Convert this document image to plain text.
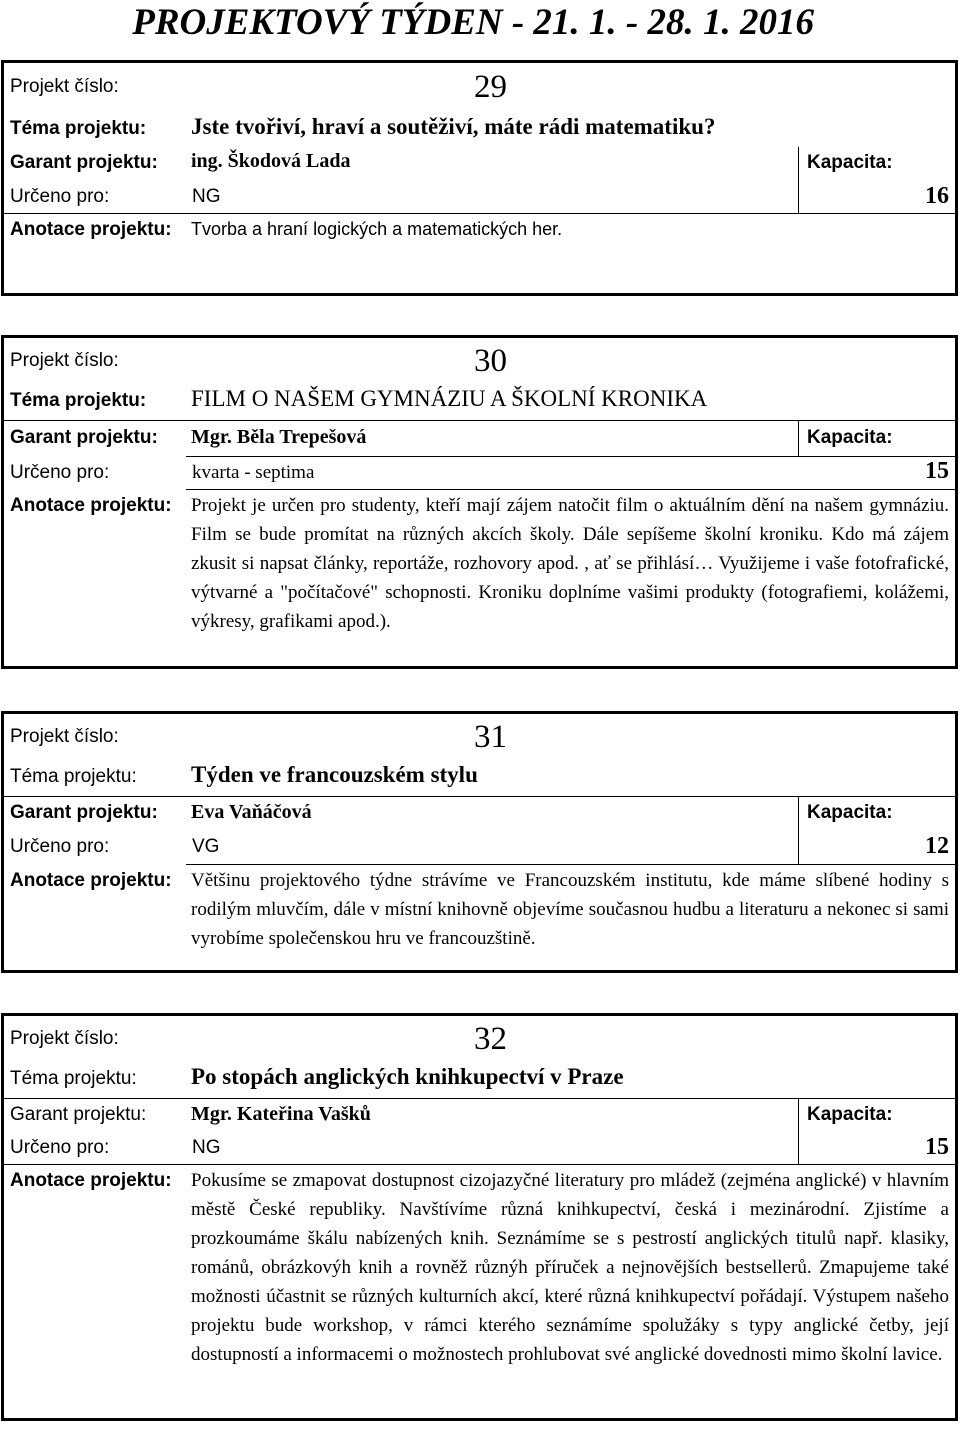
PROJEKTOVÝ TÝDEN - 21. 1. - 28. 1. 2016
Projekt číslo:	29
Téma projektu: Jste tvořiví, hraví a soutěživí, máte rádi matematiku?
Garant projektu: ing. Škodová Lada	Kapacita:
Určeno pro:	NG	16
Anotace projektu: Tvorba a hraní logických a matematických her.
Projekt číslo:	30
Téma projektu: FILM O NAŠEM GYMNÁZIU A ŠKOLNÍ KRONIKA
Garant projektu: Mgr. Běla Trepešová	Kapacita:
Určeno pro:	kvarta - septima	15
Anotace projektu: Projekt je určen pro studenty, kteří mají zájem natočit film o aktuálním dění na našem gymnáziu. Film se bude promítat na různých akcích školy. Dále sepíšeme školní kroniku. Kdo má zájem zkusit si napsat články, reportáže, rozhovory apod. , ať se přihlásí… Využijeme i vaše fotofrafické, výtvarné a "počítačové" schopnosti. Kroniku doplníme vašimi produkty (fotografiemi, kolážemi, výkresy, grafikami apod.).
Projekt číslo:	31
Téma projektu: Týden ve francouzském stylu
Garant projektu: Eva Vaňáčová	Kapacita:
Určeno pro:	VG	12
Anotace projektu: Většinu projektového týdne strávíme ve Francouzském institutu, kde máme slíbené hodiny s rodilým mluvčím, dále v místní knihovně objevíme současnou hudbu a literaturu a nekonec si sami vyrobíme společenskou hru ve francouzštině.
Projekt číslo:	32
Téma projektu: Po stopách anglických knihkupectví v Praze
Garant projektu: Mgr. Kateřina Vašků	Kapacita:
Určeno pro:	NG	15
Anotace projektu: Pokusíme se zmapovat dostupnost cizojazyčné literatury pro mládež (zejména anglické) v hlavním městě České republiky. Navštívíme různá knihkupectví, česká i mezinárodní. Zjistíme a prozkoumáme škálu nabízených knih. Seznámíme se s pestrostí anglických titulů např. klasiky, románů, obrázkovýh knih a rovněž různýh příruček a nejnovějších bestsellerů. Zmapujeme také možnosti účastnit se různých kulturních akcí, které různá knihkupectví pořádají. Výstupem našeho projektu bude workshop, v rámci kterého seznámíme spolužáky s typy anglické četby, její dostupností a informacemi o možnostech prohlubovat své anglické dovednosti mimo školní lavice.
